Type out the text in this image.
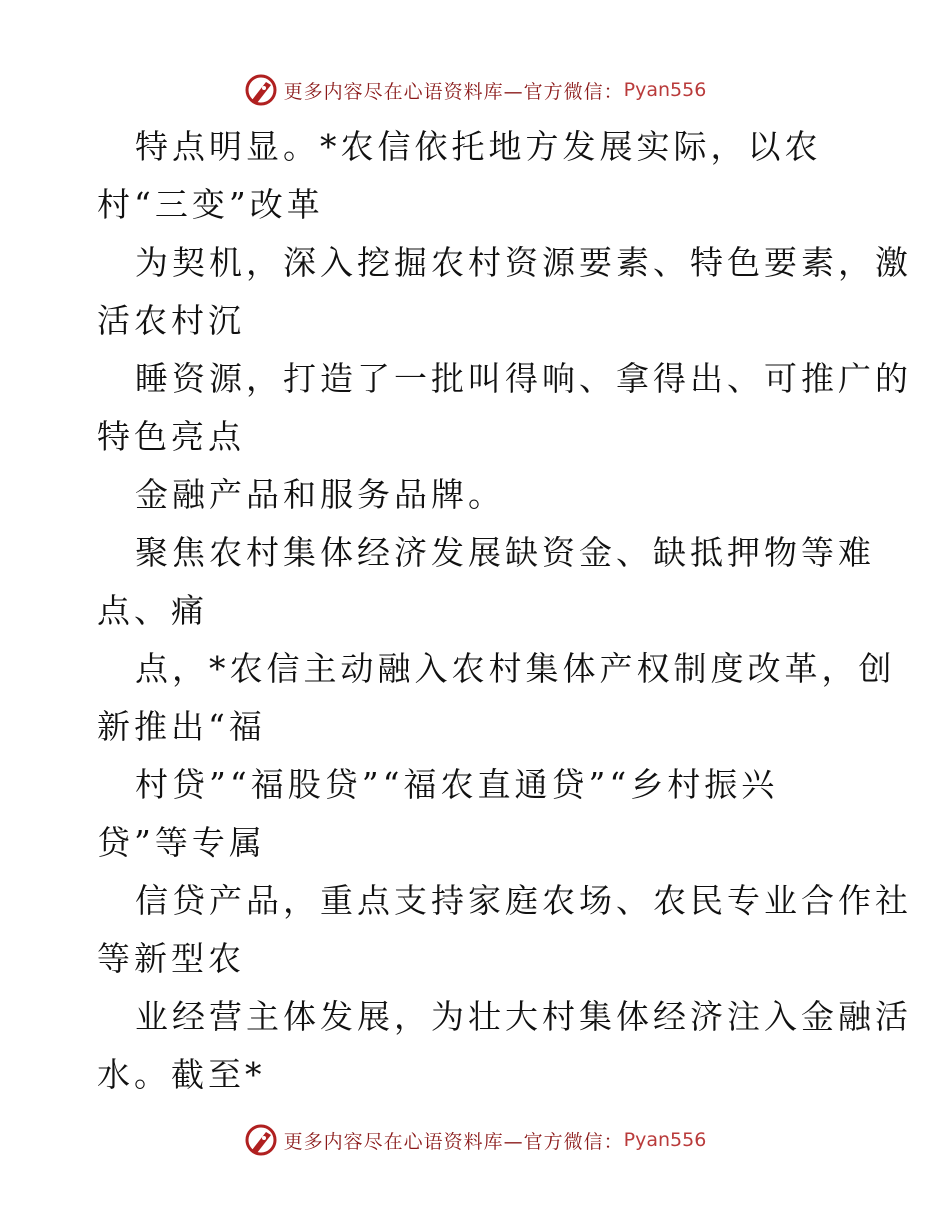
更多内容尽在心语资料库—官方微信： Pyan556
特点明显。*农信依托地方发展实际，以农
村“三变”改革
为契机，深入挖掘农村资源要素、特色要素，激
活农村沉
睡资源，打造了一批叫得响、拿得出、可推广的
特色亮点
金融产品和服务品牌。
聚焦农村集体经济发展缺资金、缺抵押物等难
点、痛
点，*农信主动融入农村集体产权制度改革，创
新推出“福
村贷”“福股贷”“福农直通贷”“乡村振兴
贷”等专属
信贷产品，重点支持家庭农场、农民专业合作社
等新型农
业经营主体发展，为壮大村集体经济注入金融活
水。截至*
更多内容尽在心语资料库—官方微信： Pyan556
